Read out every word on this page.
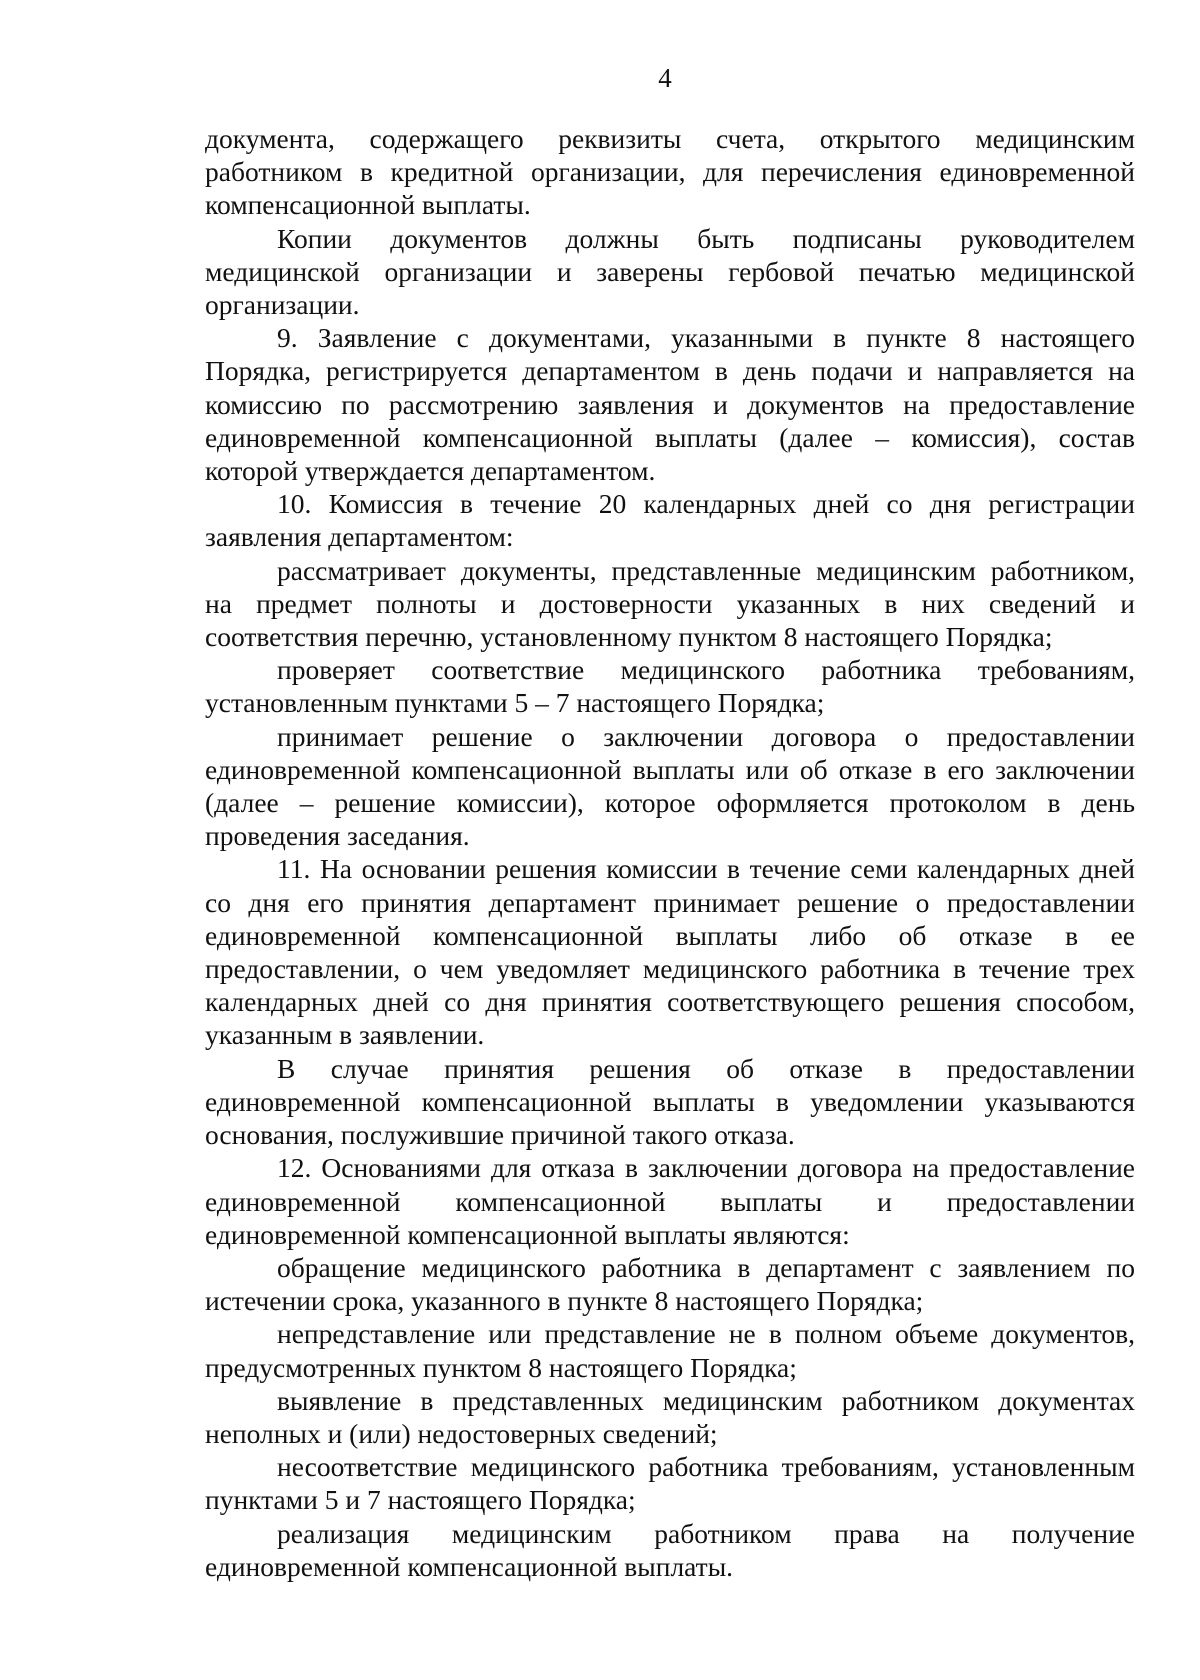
4

документа, содержащего реквизиты счета, открытого медицинским работником в кредитной организации, для перечисления единовременной компенсационной выплаты.

Копии документов должны быть подписаны руководителем медицинской организации и заверены гербовой печатью медицинской организации.

9. Заявление с документами, указанными в пункте 8 настоящего Порядка, регистрируется департаментом в день подачи и направляется на комиссию по рассмотрению заявления и документов на предоставление единовременной компенсационной выплаты (далее – комиссия), состав которой утверждается департаментом.

10. Комиссия в течение 20 календарных дней со дня регистрации заявления департаментом:

рассматривает документы, представленные медицинским работником, на предмет полноты и достоверности указанных в них сведений и соответствия перечню, установленному пунктом 8 настоящего Порядка;

проверяет соответствие медицинского работника требованиям, установленным пунктами 5 – 7 настоящего Порядка;

принимает решение о заключении договора о предоставлении единовременной компенсационной выплаты или об отказе в его заключении (далее – решение комиссии), которое оформляется протоколом в день проведения заседания.

11. На основании решения комиссии в течение семи календарных дней со дня его принятия департамент принимает решение о предоставлении единовременной компенсационной выплаты либо об отказе в ее предоставлении, о чем уведомляет медицинского работника в течение трех календарных дней со дня принятия соответствующего решения способом, указанным в заявлении.

В случае принятия решения об отказе в предоставлении единовременной компенсационной выплаты в уведомлении указываются основания, послужившие причиной такого отказа.

12. Основаниями для отказа в заключении договора на предоставление единовременной компенсационной выплаты и предоставлении единовременной компенсационной выплаты являются:

обращение медицинского работника в департамент с заявлением по истечении срока, указанного в пункте 8 настоящего Порядка;

непредставление или представление не в полном объеме документов, предусмотренных пунктом 8 настоящего Порядка;

выявление в представленных медицинским работником документах неполных и (или) недостоверных сведений;

несоответствие медицинского работника требованиям, установленным пунктами 5 и 7 настоящего Порядка;

реализация медицинским работником права на получение единовременной компенсационной выплаты.
